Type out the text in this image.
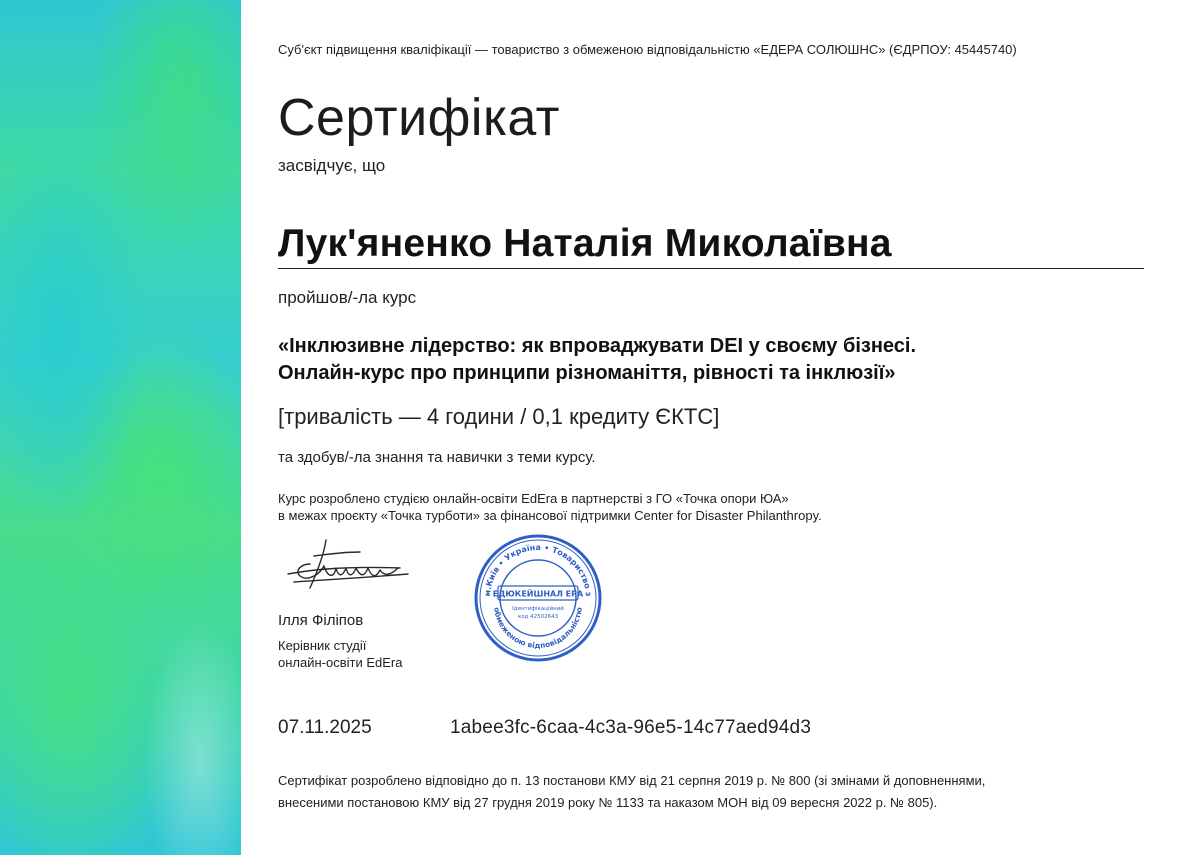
Суб'єкт підвищення кваліфікації — товариство з обмеженою відповідальністю «ЕДЕРА СОЛЮШНС» (ЄДРПОУ: 45445740)
Сертифікат
засвідчує, що
Лук'яненко Наталія Миколаївна
пройшов/-ла курс
«Інклюзивне лідерство: як впроваджувати DEI у своєму бізнесі.
Онлайн-курс про принципи різноманіття, рівності та інклюзії»
[тривалість — 4 години / 0,1 кредиту ЄКТС]
та здобув/-ла знання та навички з теми курсу.
Курс розроблено студією онлайн-освіти EdEra в партнерстві з ГО «Точка опори ЮА»
в межах проєкту «Точка турботи» за фінансової підтримки Center for Disaster Philanthropy.
Ілля Філіпов
Керівник студії
онлайн-освіти EdEra
м.Київ • Україна • Товариство з
обмеженою відповідальністю
ЕДЮКЕЙШНАЛ ЕРА
Ідентифікаційний
код 42502643
07.11.2025	1abee3fc-6caa-4c3a-96e5-14c77aed94d3
Сертифікат розроблено відповідно до п. 13 постанови КМУ від 21 серпня 2019 р. № 800 (зі змінами й доповненнями,
внесеними постановою КМУ від 27 грудня 2019 року № 1133 та наказом МОН від 09 вересня 2022 р. № 805).
